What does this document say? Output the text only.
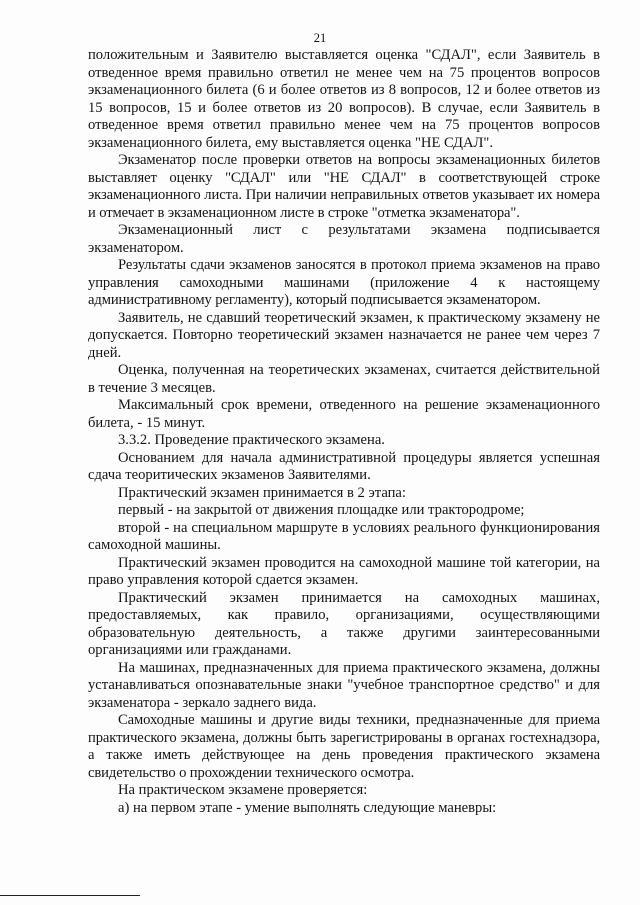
21

положительным и Заявителю выставляется оценка "СДАЛ", если Заявитель в отведенное время правильно ответил не менее чем на 75 процентов вопросов экзаменационного билета (6 и более ответов из 8 вопросов, 12 и более ответов из 15 вопросов, 15 и более ответов из 20 вопросов). В случае, если Заявитель в отведенное время ответил правильно менее чем на 75 процентов вопросов экзаменационного билета, ему выставляется оценка "НЕ СДАЛ".

Экзаменатор после проверки ответов на вопросы экзаменационных билетов выставляет оценку "СДАЛ" или "НЕ СДАЛ" в соответствующей строке экзаменационного листа. При наличии неправильных ответов указывает их номера и отмечает в экзаменационном листе в строке "отметка экзаменатора".

Экзаменационный лист с результатами экзамена подписывается экзаменатором.

Результаты сдачи экзаменов заносятся в протокол приема экзаменов на право управления самоходными машинами (приложение 4 к настоящему административному регламенту), который подписывается экзаменатором.

Заявитель, не сдавший теоретический экзамен, к практическому экзамену не допускается. Повторно теоретический экзамен назначается не ранее чем через 7 дней.

Оценка, полученная на теоретических экзаменах, считается действительной в течение 3 месяцев.

Максимальный срок времени, отведенного на решение экзаменационного билета, - 15 минут.

3.3.2. Проведение практического экзамена.

Основанием для начала административной процедуры является успешная сдача теоритических экзаменов Заявителями.

Практический экзамен принимается в 2 этапа:

первый - на закрытой от движения площадке или трактородроме;

второй - на специальном маршруте в условиях реального функционирования самоходной машины.

Практический экзамен проводится на самоходной машине той категории, на право управления которой сдается экзамен.

Практический экзамен принимается на самоходных машинах, предоставляемых, как правило, организациями, осуществляющими образовательную деятельность, а также другими заинтересованными организациями или гражданами.

На машинах, предназначенных для приема практического экзамена, должны устанавливаться опознавательные знаки "учебное транспортное средство" и для экзаменатора - зеркало заднего вида.

Самоходные машины и другие виды техники, предназначенные для приема практического экзамена, должны быть зарегистрированы в органах гостехнадзора, а также иметь действующее на день проведения практического экзамена свидетельство о прохождении технического осмотра.

На практическом экзамене проверяется:

а) на первом этапе - умение выполнять следующие маневры:
